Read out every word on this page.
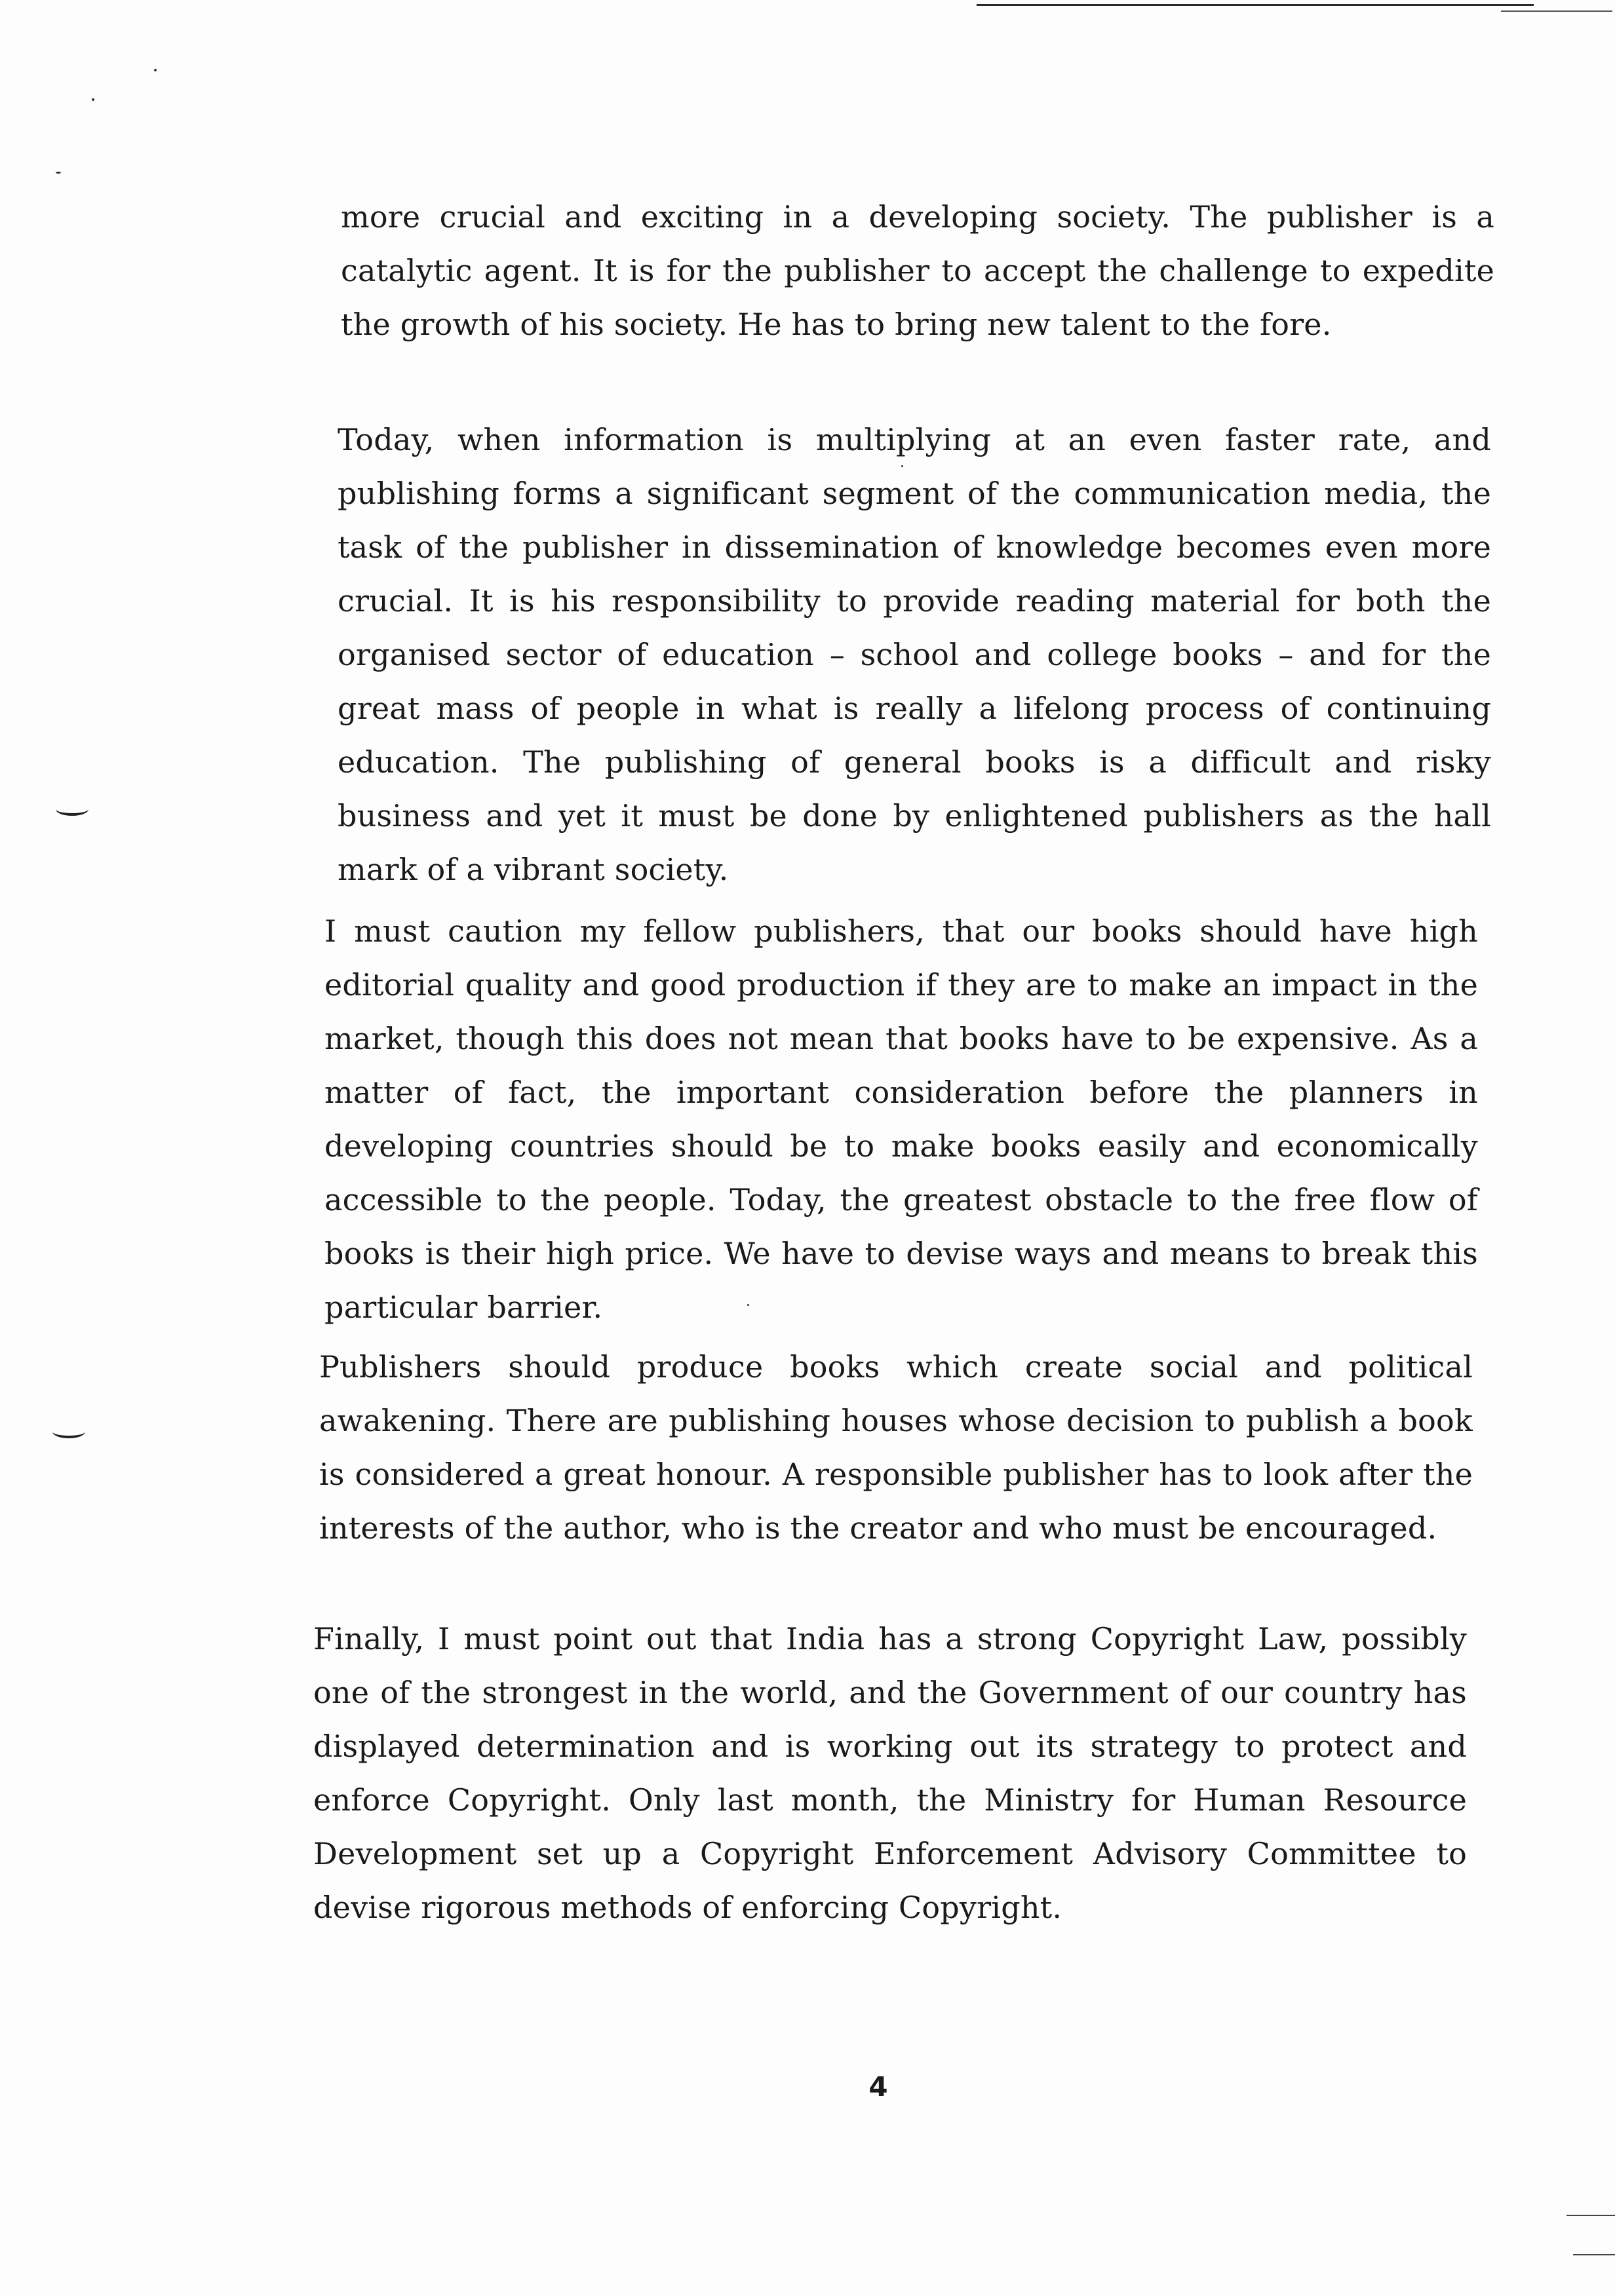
more crucial and exciting in a developing society. The publisher is a catalytic agent. It is for the publisher to accept the challenge to expedite the growth of his society. He has to bring new talent to the fore.

Today, when information is multiplying at an even faster rate, and publishing forms a significant segment of the communication media, the task of the publisher in dissemination of knowledge becomes even more crucial. It is his responsibility to provide reading material for both the organised sector of education – school and college books – and for the great mass of people in what is really a lifelong process of continuing education. The publishing of general books is a difficult and risky business and yet it must be done by enlightened publishers as the hall mark of a vibrant society.

I must caution my fellow publishers, that our books should have high editorial quality and good production if they are to make an impact in the market, though this does not mean that books have to be expensive. As a matter of fact, the important consideration before the planners in developing countries should be to make books easily and economically accessible to the people. Today, the greatest obstacle to the free flow of books is their high price. We have to devise ways and means to break this particular barrier.

Publishers should produce books which create social and political awakening. There are publishing houses whose decision to publish a book is considered a great honour. A responsible publisher has to look after the interests of the author, who is the creator and who must be encouraged.

Finally, I must point out that India has a strong Copyright Law, possibly one of the strongest in the world, and the Government of our country has displayed determination and is working out its strategy to protect and enforce Copyright. Only last month, the Ministry for Human Resource Development set up a Copyright Enforcement Advisory Committee to devise rigorous methods of enforcing Copyright.

4
